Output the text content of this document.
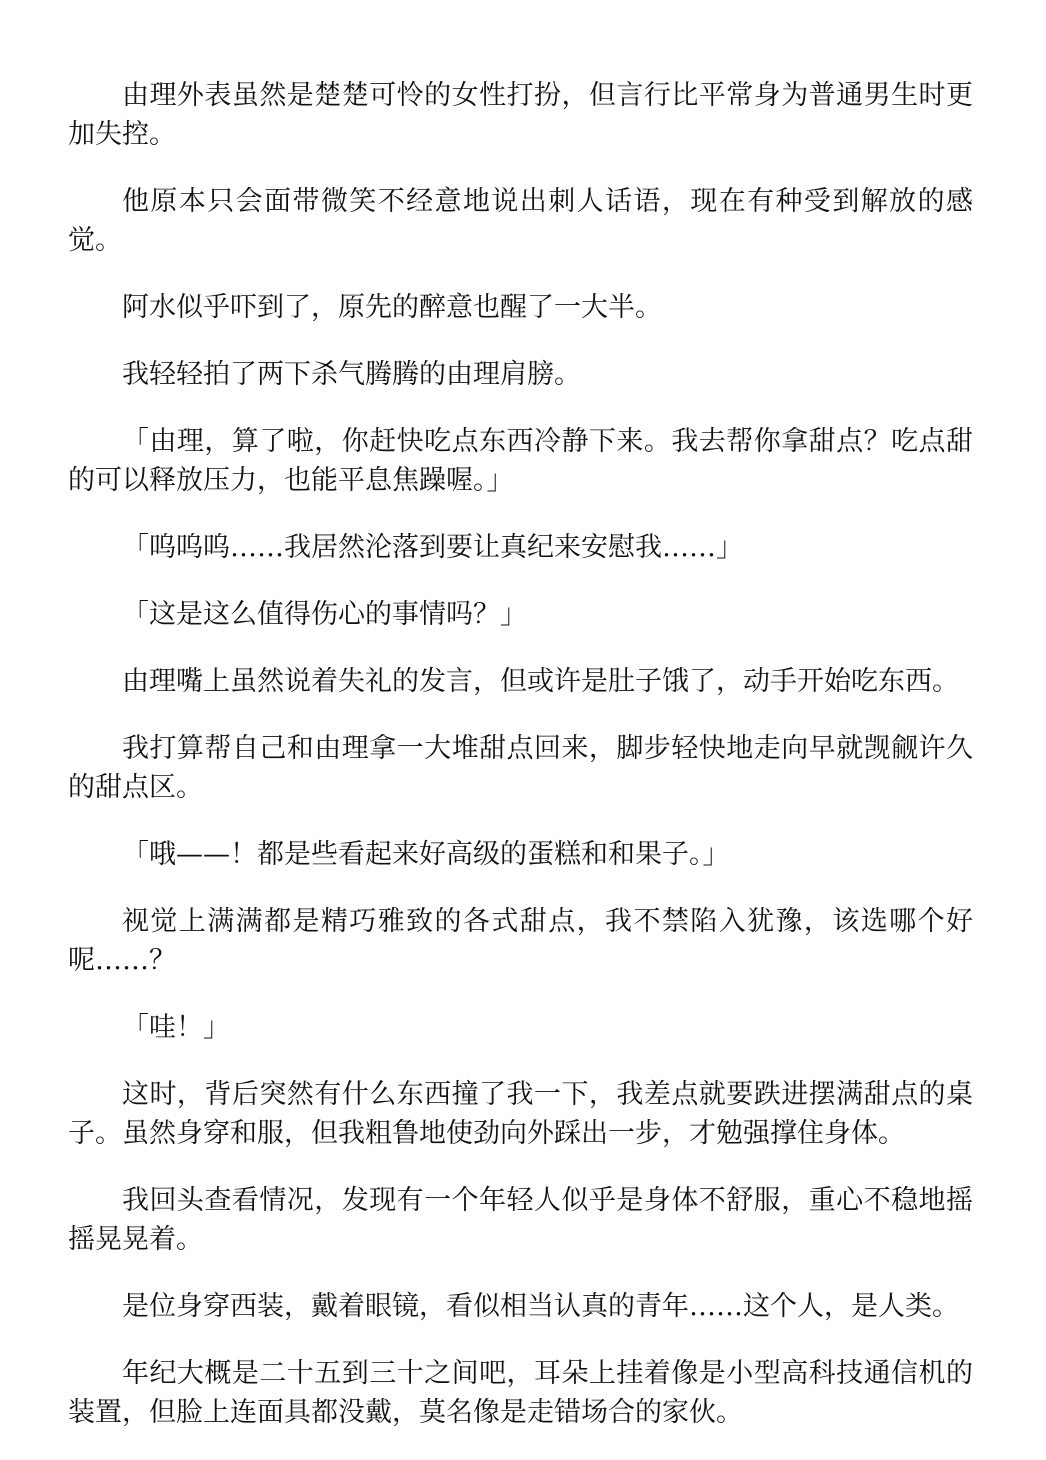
由理外表虽然是楚楚可怜的女性打扮，但言行比平常身为普通男生时更加失控。

他原本只会面带微笑不经意地说出刺人话语，现在有种受到解放的感觉。

阿水似乎吓到了，原先的醉意也醒了一大半。

我轻轻拍了两下杀气腾腾的由理肩膀。

「由理，算了啦，你赶快吃点东西冷静下来。我去帮你拿甜点？吃点甜的可以释放压力，也能平息焦躁喔。」

「呜呜呜……我居然沦落到要让真纪来安慰我……」

「这是这么值得伤心的事情吗？」

由理嘴上虽然说着失礼的发言，但或许是肚子饿了，动手开始吃东西。

我打算帮自己和由理拿一大堆甜点回来，脚步轻快地走向早就觊觎许久的甜点区。

「哦——！都是些看起来好高级的蛋糕和和果子。」

视觉上满满都是精巧雅致的各式甜点，我不禁陷入犹豫，该选哪个好呢……？

「哇！」

这时，背后突然有什么东西撞了我一下，我差点就要跌进摆满甜点的桌子。虽然身穿和服，但我粗鲁地使劲向外踩出一步，才勉强撑住身体。

我回头查看情况，发现有一个年轻人似乎是身体不舒服，重心不稳地摇摇晃晃着。

是位身穿西装，戴着眼镜，看似相当认真的青年……这个人，是人类。

年纪大概是二十五到三十之间吧，耳朵上挂着像是小型高科技通信机的装置，但脸上连面具都没戴，莫名像是走错场合的家伙。
